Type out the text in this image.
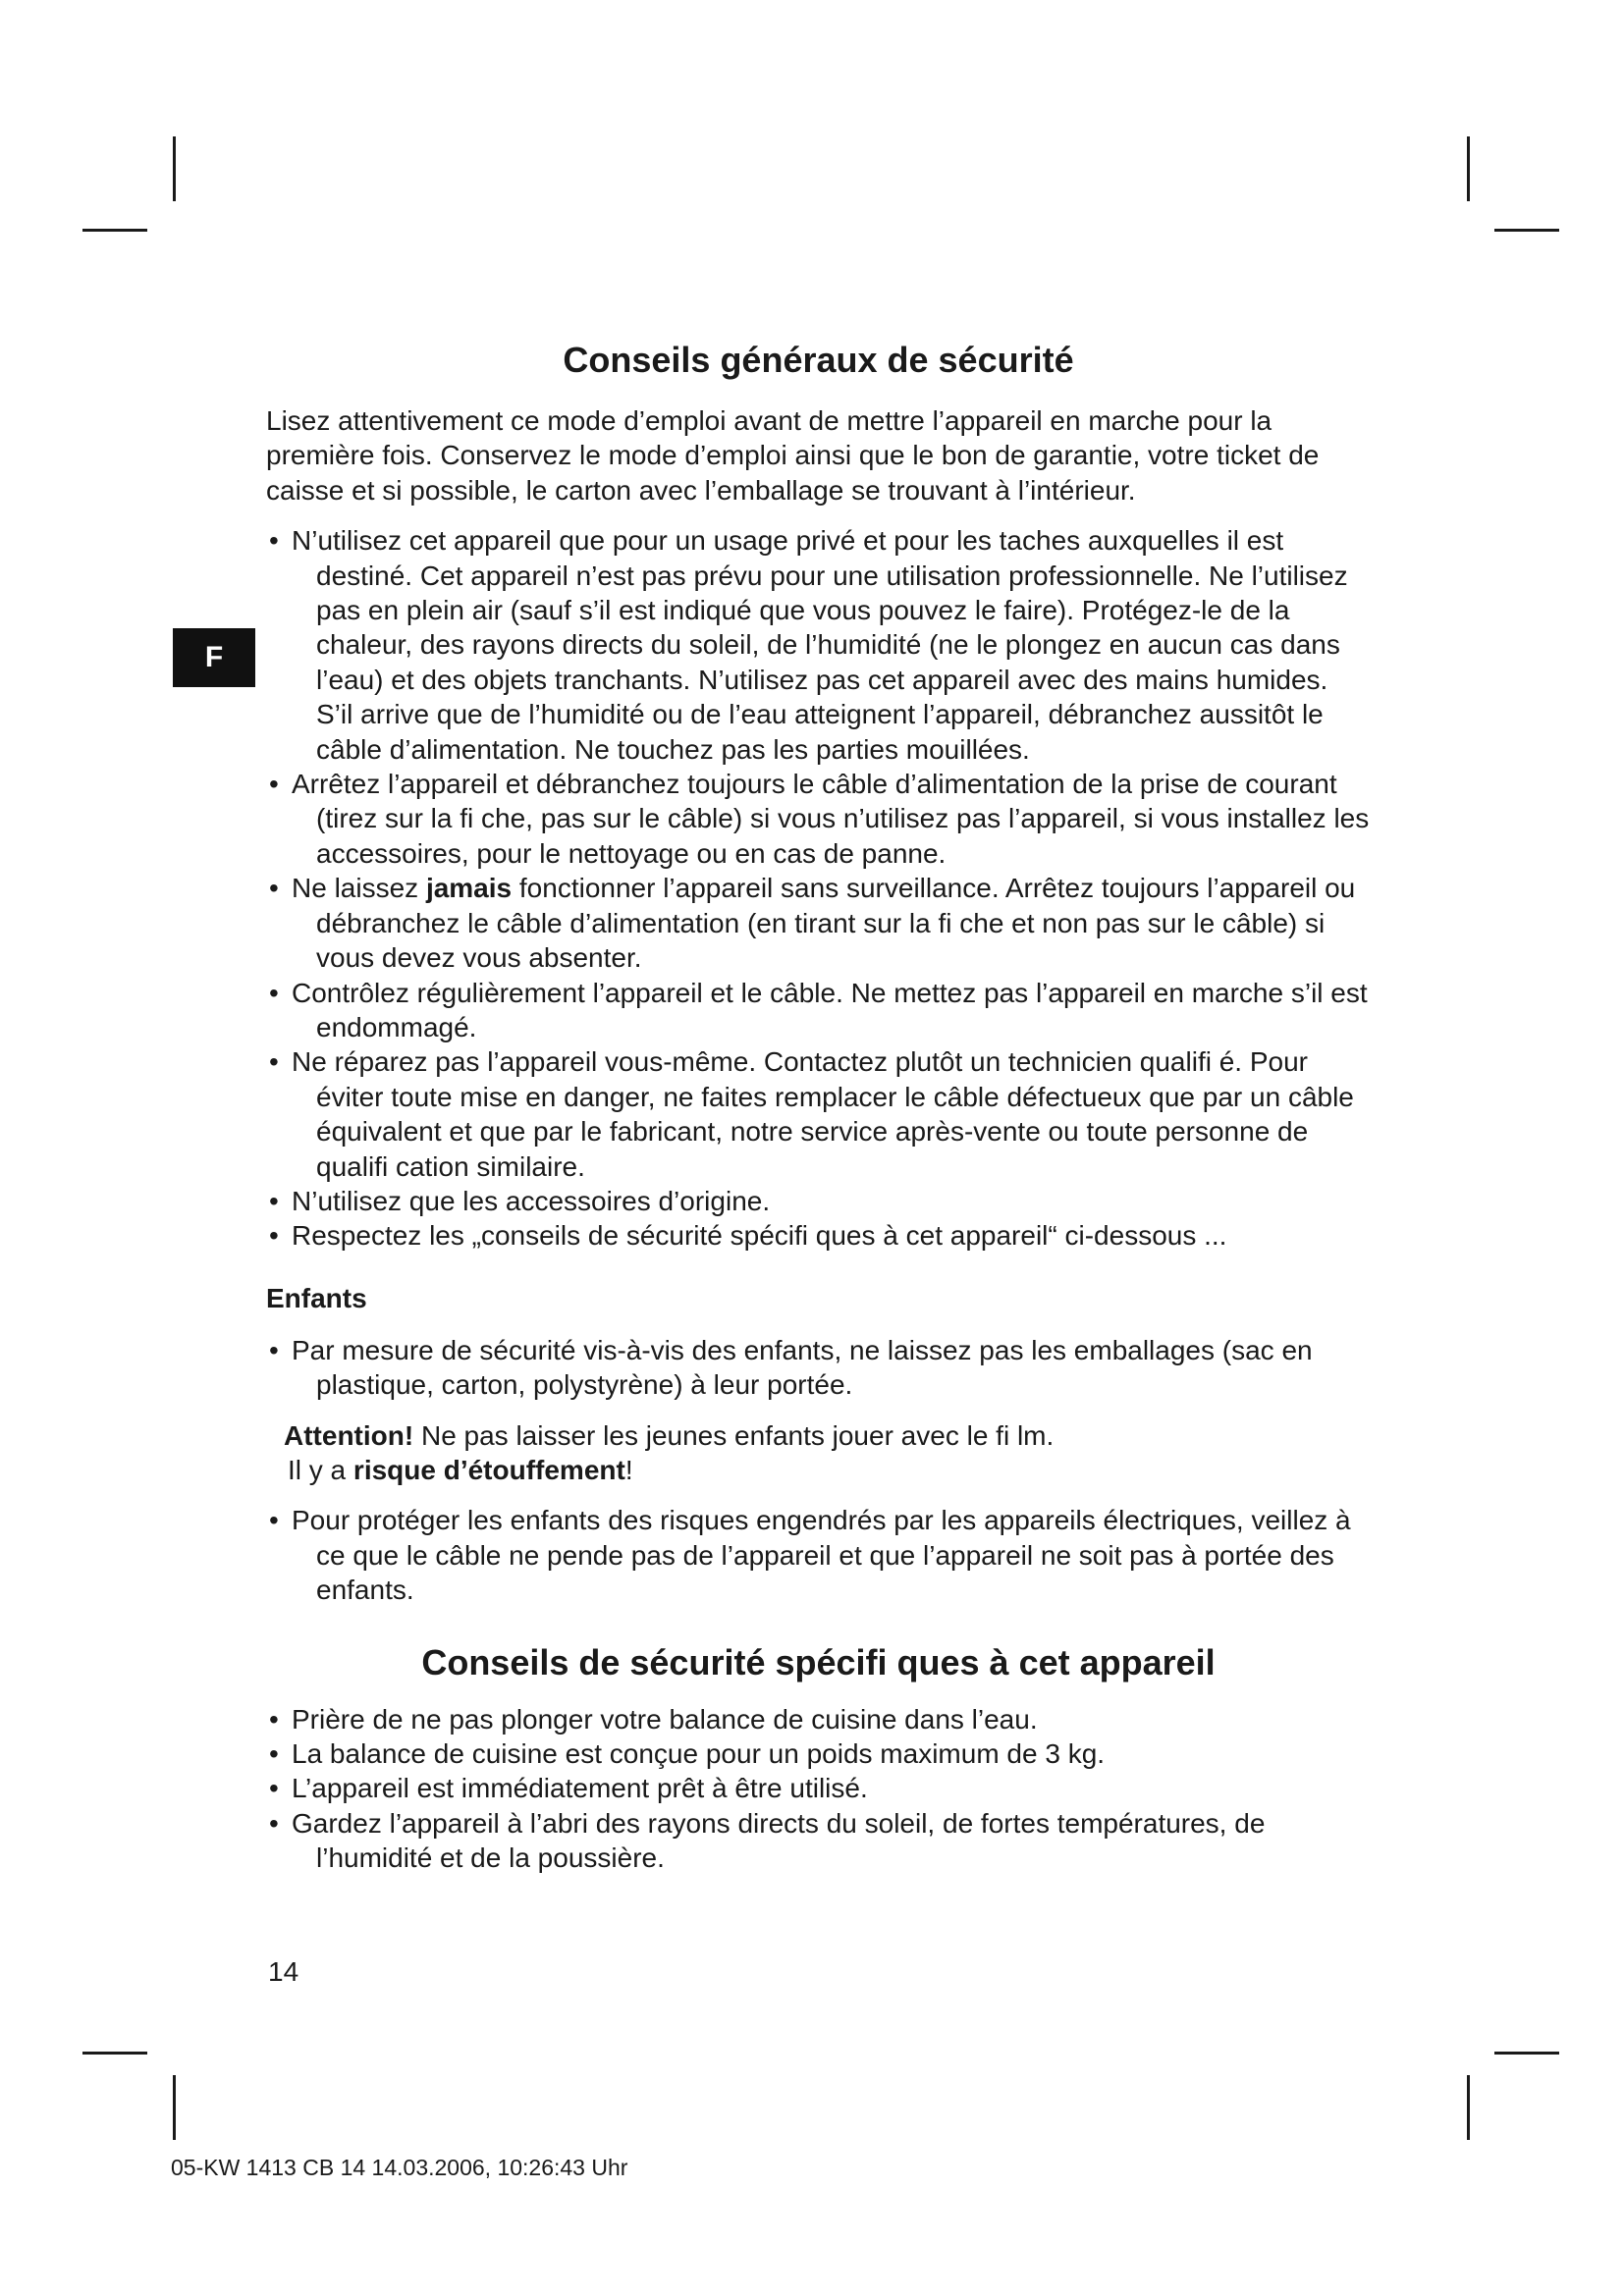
F
Conseils généraux de sécurité

Lisez attentivement ce mode d’emploi avant de mettre l’appareil en marche pour la première fois. Conservez le mode d’emploi ainsi que le bon de garantie, votre ticket de caisse et si possible, le carton avec l’emballage se trouvant à l’intérieur.

• N’utilisez cet appareil que pour un usage privé et pour les taches auxquelles il est destiné. Cet appareil n’est pas prévu pour une utilisation professionnelle. Ne l’utilisez pas en plein air (sauf s’il est indiqué que vous pouvez le faire). Protégez-le de la chaleur, des rayons directs du soleil, de l’humidité (ne le plongez en aucun cas dans l’eau) et des objets tranchants. N’utilisez pas cet appareil avec des mains humides. S’il arrive que de l’humidité ou de l’eau atteignent l’appareil, débranchez aussitôt le câble d’alimentation. Ne touchez pas les parties mouillées.
• Arrêtez l’appareil et débranchez toujours le câble d’alimentation de la prise de courant (tirez sur la fi che, pas sur le câble) si vous n’utilisez pas l’appareil, si vous installez les accessoires, pour le nettoyage ou en cas de panne.
• Ne laissez jamais fonctionner l’appareil sans surveillance. Arrêtez toujours l’appareil ou débranchez le câble d’alimentation (en tirant sur la fi che et non pas sur le câble) si vous devez vous absenter.
• Contrôlez régulièrement l’appareil et le câble. Ne mettez pas l’appareil en marche s’il est endommagé.
• Ne réparez pas l’appareil vous-même. Contactez plutôt un technicien qualifi é. Pour éviter toute mise en danger, ne faites remplacer le câble défectueux que par un câble équivalent et que par le fabricant, notre service après-vente ou toute personne de qualifi cation similaire.
• N’utilisez que les accessoires d’origine.
• Respectez les „conseils de sécurité spécifi ques à cet appareil“ ci-dessous ...
Enfants
• Par mesure de sécurité vis-à-vis des enfants, ne laissez pas les emballages (sac en plastique, carton, polystyrène) à leur portée.
Attention! Ne pas laisser les jeunes enfants jouer avec le fi lm.
Il y a risque d’étouffement!
• Pour protéger les enfants des risques engendrés par les appareils électriques, veillez à ce que le câble ne pende pas de l’appareil et que l’appareil ne soit pas à portée des enfants.
Conseils de sécurité spécifi ques à cet appareil
• Prière de ne pas plonger votre balance de cuisine dans l’eau.
• La balance de cuisine est conçue pour un poids maximum de 3 kg.
• L’appareil est immédiatement prêt à être utilisé.
• Gardez l’appareil à l’abri des rayons directs du soleil, de fortes températures, de l’humidité et de la poussière.
14
05-KW 1413 CB 14 14.03.2006, 10:26:43 Uhr
